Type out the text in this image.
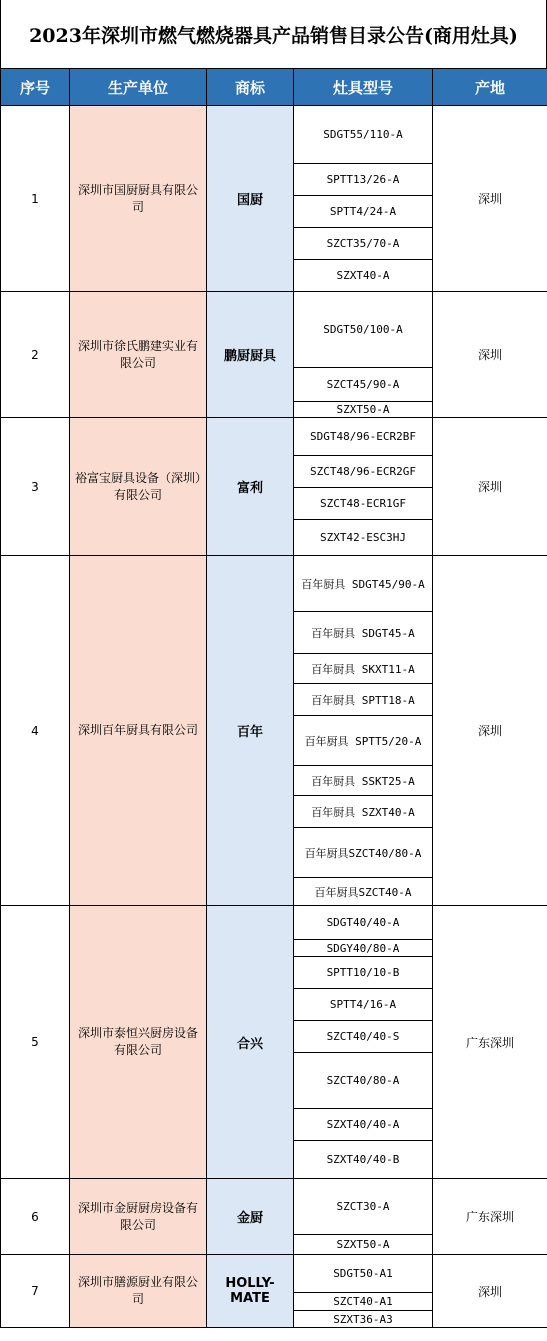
2023年深圳市燃气燃烧器具产品销售目录公告(商用灶具)
序号	生产单位	商标	灶具型号	产地
1	深圳市国厨厨具有限公司	国厨	SDGT55/110-A	深圳
			SPTT13/26-A	
			SPTT4/24-A	
			SZCT35/70-A	
			SZXT40-A	
2	深圳市徐氏鹏建实业有限公司	鹏厨厨具	SDGT50/100-A	深圳
			SZCT45/90-A	
			SZXT50-A	
3	裕富宝厨具设备（深圳）有限公司	富利	SDGT48/96-ECR2BF	深圳
			SZCT48/96-ECR2GF	
			SZCT48-ECR1GF	
			SZXT42-ESC3HJ	
4	深圳百年厨具有限公司	百年	百年厨具 SDGT45/90-A	深圳
			百年厨具 SDGT45-A	
			百年厨具 SKXT11-A	
			百年厨具 SPTT18-A	
			百年厨具 SPTT5/20-A	
			百年厨具 SSKT25-A	
			百年厨具 SZXT40-A	
			百年厨具SZCT40/80-A	
			百年厨具SZCT40-A	
5	深圳市泰恒兴厨房设备有限公司	合兴	SDGT40/40-A	广东深圳
			SDGY40/80-A	
			SPTT10/10-B	
			SPTT4/16-A	
			SZCT40/40-S	
			SZCT40/80-A	
			SZXT40/40-A	
			SZXT40/40-B	
6	深圳市金厨厨房设备有限公司	金厨	SZCT30-A	广东深圳
			SZXT50-A	
7	深圳市膳源厨业有限公司	HOLLY-MATE	SDGT50-A1	深圳
			SZCT40-A1	
			SZXT36-A3	
